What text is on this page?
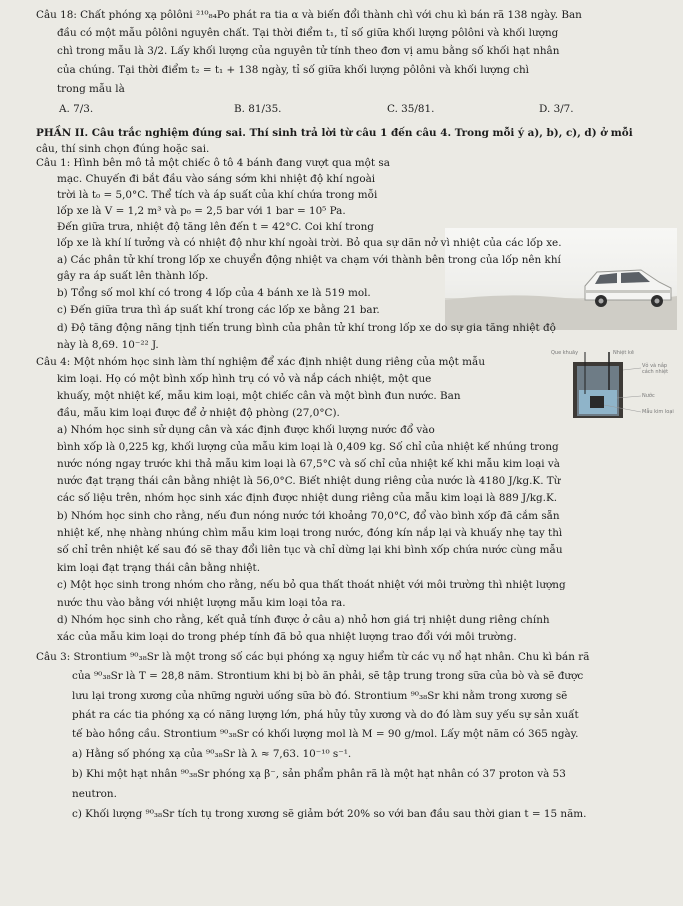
Câu 18: Chất phóng xạ pôlôni ²¹⁰₈₄Po phát ra tia α và biến đổi thành chì với chu kì bán rã 138 ngày. Ban
đầu có một mẫu pôlôni nguyên chất. Tại thời điểm t₁, tỉ số giữa khối lượng pôlôni và khối lượng
chì trong mẫu là 3/2. Lấy khối lượng của nguyên tử tính theo đơn vị amu bằng số khối hạt nhân
của chúng. Tại thời điểm t₂ = t₁ + 138 ngày, tỉ số giữa khối lượng pôlôni và khối lượng chì
trong mẫu là
A. 7/3.	B. 81/35.	C. 35/81.	D. 3/7.
PHẦN II. Câu trắc nghiệm đúng sai. Thí sinh trả lời từ câu 1 đến câu 4. Trong mỗi ý a), b), c), d) ở mỗi
câu, thí sinh chọn đúng hoặc sai.
Câu 1: Hình bên mô tả một chiếc ô tô 4 bánh đang vượt qua một sa
mạc. Chuyến đi bắt đầu vào sáng sớm khi nhiệt độ khí ngoài
trời là t₀ = 5,0°C. Thể tích và áp suất của khí chứa trong mỗi
lốp xe là V = 1,2 m³ và p₀ = 2,5 bar với 1 bar = 10⁵ Pa.
Đến giữa trưa, nhiệt độ tăng lên đến t = 42°C. Coi khí trong
lốp xe là khí lí tưởng và có nhiệt độ như khí ngoài trời. Bỏ qua sự dãn nở vì nhiệt của các lốp xe.
a) Các phân tử khí trong lốp xe chuyển động nhiệt va chạm với thành bên trong của lốp nên khí
gây ra áp suất lên thành lốp.
b) Tổng số mol khí có trong 4 lốp của 4 bánh xe là 519 mol.
c) Đến giữa trưa thì áp suất khí trong các lốp xe bằng 21 bar.
d) Độ tăng động năng tịnh tiến trung bình của phân tử khí trong lốp xe do sự gia tăng nhiệt độ
này là 8,69. 10⁻²² J.
Câu 4: Một nhóm học sinh làm thí nghiệm để xác định nhiệt dung riêng của một mẫu
kim loại. Họ có một bình xốp hình trụ có vỏ và nắp cách nhiệt, một que
khuấy, một nhiệt kế, mẫu kim loại, một chiếc cân và một bình đun nước. Ban
đầu, mẫu kim loại được để ở nhiệt độ phòng (27,0°C).
Que khuấy	Nhiệt kế
Vỏ và nắp cách nhiệt
Nước
Mẫu kim loại
a) Nhóm học sinh sử dụng cân và xác định được khối lượng nước đổ vào
bình xốp là 0,225 kg, khối lượng của mẫu kim loại là 0,409 kg. Số chỉ của nhiệt kế nhúng trong
nước nóng ngay trước khi thả mẫu kim loại là 67,5°C và số chỉ của nhiệt kế khi mẫu kim loại và
nước đạt trạng thái cân bằng nhiệt là 56,0°C. Biết nhiệt dung riêng của nước là 4180 J/kg.K. Từ
các số liệu trên, nhóm học sinh xác định được nhiệt dung riêng của mẫu kim loại là 889 J/kg.K.
b) Nhóm học sinh cho rằng, nếu đun nóng nước tới khoảng 70,0°C, đổ vào bình xốp đã cắm sẵn
nhiệt kế, nhẹ nhàng nhúng chìm mẫu kim loại trong nước, đóng kín nắp lại và khuấy nhẹ tay thì
số chỉ trên nhiệt kế sau đó sẽ thay đổi liên tục và chỉ dừng lại khi bình xốp chứa nước cùng mẫu
kim loại đạt trạng thái cân bằng nhiệt.
c) Một học sinh trong nhóm cho rằng, nếu bỏ qua thất thoát nhiệt với môi trường thì nhiệt lượng
nước thu vào bằng với nhiệt lượng mẫu kim loại tỏa ra.
d) Nhóm học sinh cho rằng, kết quả tính được ở câu a) nhỏ hơn giá trị nhiệt dung riêng chính
xác của mẫu kim loại do trong phép tính đã bỏ qua nhiệt lượng trao đổi với môi trường.
Câu 3: Strontium ⁹⁰₃₈Sr là một trong số các bụi phóng xạ nguy hiểm từ các vụ nổ hạt nhân. Chu kì bán rã
của ⁹⁰₃₈Sr là T = 28,8 năm. Strontium khi bị bò ăn phải, sẽ tập trung trong sữa của bò và sẽ được
lưu lại trong xương của những người uống sữa bò đó. Strontium ⁹⁰₃₈Sr khi nằm trong xương sẽ
phát ra các tia phóng xạ có năng lượng lớn, phá hủy tủy xương và do đó làm suy yếu sự sản xuất
tế bào hồng cầu. Strontium ⁹⁰₃₈Sr có khối lượng mol là M = 90 g/mol. Lấy một năm có 365 ngày.
a) Hằng số phóng xạ của ⁹⁰₃₈Sr là λ ≈ 7,63. 10⁻¹⁰ s⁻¹.
b) Khi một hạt nhân ⁹⁰₃₈Sr phóng xạ β⁻, sản phẩm phân rã là một hạt nhân có 37 proton và 53
neutron.
c) Khối lượng ⁹⁰₃₈Sr tích tụ trong xương sẽ giảm bớt 20% so với ban đầu sau thời gian t = 15 năm.
